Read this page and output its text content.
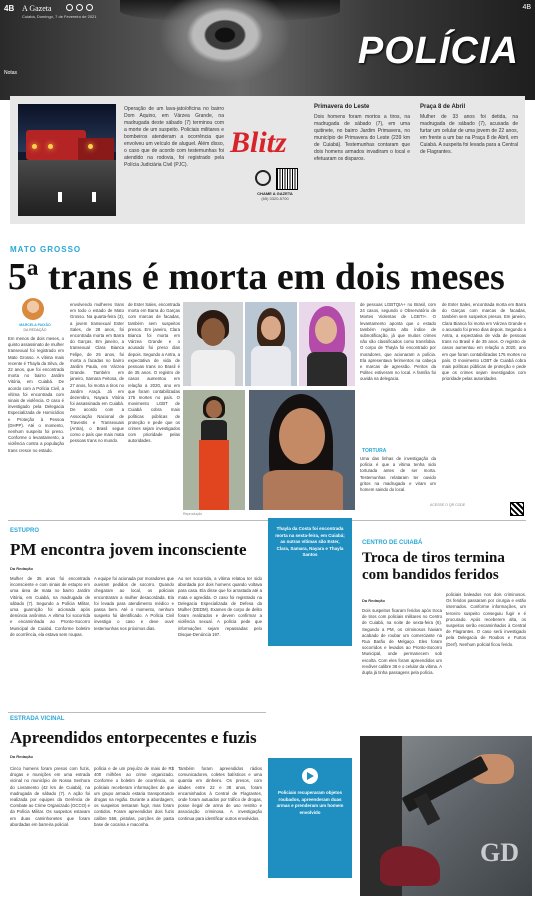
4B A Gazeta
Cuiabá, Domingo, 7 de Fevereiro de 2021
4B
POLÍCIA
Notas
Operação de um lava-jato/oficina no bairro Dom Aquino, em Várzea Grande, na madrugada deste sábado (7) terminou com a morte de um suspeito. Policiais militares e bombeiros atenderam a ocorrência que envolveu um veículo de aluguel. Além disso, o caso que de acordo com testemunhas foi atendido na rodovia, foi registrado pela Polícia Judiciária Civil (PJC).
Blitz
CHAME A GAZETA
(65) 3320-5700
Primavera do Leste
Dois homens foram mortos a tiros, na madrugada de sábado (7), em uma quitinete, no bairro Jardim Primavera, no município de Primavera do Leste (239 km de Cuiabá). Testemunhas contaram que dois homens armados invadiram o local e efetuaram os disparos.
Praça 8 de Abril
Mulher de 33 anos foi detida, na madrugada de sábado (7), acusada de furtar um celular de uma jovem de 22 anos, em frente a um bar na Praça 8 de Abril, em Cuiabá. A suspeita foi levada para a Central de Flagrantes.
MATO GROSSO
5ª trans é morta em dois meses
MARCELA PAIXÃO
DA REDAÇÃO
Em menos de dois meses, o quinto assassinato de mulher transexual foi registrado em Mato Grosso. A vítima mais recente é Thayla da Silva, de 22 anos, que foi encontrada morta no bairro Jardim Vitória, em Cuiabá. De acordo com a Polícia Civil, a vítima foi encontrada com sinais de violência. O caso é investigado pela Delegacia Especializada de Homicídios e Proteção à Pessoa (DHPP). Até o momento, nenhum suspeito foi preso. Conforme o levantamento, a violência contra a população trans cresce no estado.
envolvendo mulheres trans em todo o estado de Mato Grosso. Na quarta-feira (3), a jovem transexual Ester Sales, de 28 anos, foi encontrada morta em Barra do Garças. Em janeiro, a transexual Clara Bianca Felipe, de 25 anos, foi morta a facadas no bairro Jardim Paula, em Várzea Grande. Também em janeiro, Samara Feitosa, de 27 anos, foi morta a tiros no Jardim Araçá. Já em dezembro, Nayara Vitória foi assassinada em Cuiabá. De acordo com a Associação Nacional de Travestis e Transexuais (Antra), o Brasil segue como o país que mais mata pessoas trans no mundo.
de Ester Sales, encontrada morta em Barra do Garças com marcas de facadas, também sem suspeitos presos. Em janeiro, Clara Bianca foi morta em Várzea Grande e o acusado foi preso dias depois. Segundo a Antra, a expectativa de vida de pessoas trans no Brasil é de 35 anos. O registro de casos aumentou em relação a 2020, ano em que foram contabilizadas 175 mortes no país. O movimento LGBT de Cuiabá cobra mais políticas públicas de proteção e pede que os crimes sejam investigados com prioridade pelas autoridades.
Reprodução
de pessoas LGBTQIA+ no Brasil, com 24 casos, segundo o Observatório de Mortes Violentas de LGBTI+. O levantamento aponta que o estado também registra alto índice de subnotificação, já que muitos crimes não são classificados como transfobia. O corpo de Thayla foi encontrado por moradores, que acionaram a polícia. Ela apresentava ferimentos na cabeça e marcas de agressão. Peritos da Politec estiveram no local. A família foi ouvida na delegacia.
TORTURA
Uma das linhas de investigação da polícia é que a vítima tenha sido torturada antes de ser morta. Testemunhas relataram ter ouvido gritos na madrugada e viram um homem saindo do local.
de Ester Sales, encontrada morta em Barra do Garças com marcas de facadas, também sem suspeitos presos. Em janeiro, Clara Bianca foi morta em Várzea Grande e o acusado foi preso dias depois. Segundo a Antra, a expectativa de vida de pessoas trans no Brasil é de 35 anos. O registro de casos aumentou em relação a 2020, ano em que foram contabilizadas 175 mortes no país. O movimento LGBT de Cuiabá cobra mais políticas públicas de proteção e pede que os crimes sejam investigados com prioridade pelas autoridades.
ACESSE O QR CODE
ESTUPRO
PM encontra jovem inconsciente
Da Redação
Mulher de 35 anos foi encontrada inconsciente e com sinais de estupro em uma área de mata no bairro Jardim Vitória, em Cuiabá, na madrugada de sábado (7). Segundo a Polícia Militar, uma guarnição foi acionada após denúncia anônima. A vítima foi socorrida e encaminhada ao Pronto-Socorro Municipal de Cuiabá. Conforme boletim de ocorrência, ela estava sem roupas.
A equipe foi acionada por moradores que ouviram pedidos de socorro. Quando chegaram ao local, os policiais encontraram a mulher desacordada. Ela foi levada para atendimento médico e passa bem. Até o momento, nenhum suspeito foi identificado. A Polícia Civil investiga o caso e deve ouvir testemunhas nos próximos dias.
Ao ser socorrida, a vítima relatou ter sido abordada por dois homens quando voltava para casa. Ela disse que foi arrastada até a mata e agredida. O caso foi registrado na Delegacia Especializada de Defesa da Mulher (DEDM). Exames de corpo de delito foram realizados e devem confirmar a violência sexual. A polícia pede que informações sejam repassadas pelo Disque-Denúncia 197.
Thayla da Costa foi encontrada morta na sexta-feira, em Cuiabá; as outras vítimas são Ester, Clara, Samara, Nayara e Thayla Santos
CENTRO DE CUIABÁ
Troca de tiros termina com bandidos feridos
Da Redação
Dois suspeitos ficaram feridos após troca de tiros com policiais militares no Centro de Cuiabá, na noite de sexta-feira (6). Segundo a PM, os criminosos haviam acabado de roubar um comerciante na Rua Barão de Melgaço. Eles foram socorridos e levados ao Pronto-Socorro Municipal, onde permanecem sob escolta. Com eles foram apreendidos um revólver calibre 38 e o celular da vítima. A dupla já tinha passagens pela polícia.
policiais baleados nos dois criminosos. Os feridos passaram por cirurgia e estão internados. Conforme informações, um terceiro suspeito conseguiu fugir e é procurado. Após receberem alta, os suspeitos serão encaminhados à Central de Flagrantes. O caso será investigado pela Delegacia de Roubos e Furtos (Derf). Nenhum policial ficou ferido.
ESTRADA VICINAL
Apreendidos entorpecentes e fuzis
Da Redação
Cinco homens foram presos com fuzis, drogas e munições em uma estrada vicinal no município de Nossa Senhora do Livramento (42 km de Cuiabá), na madrugada de sábado (7). A ação foi realizada por equipes da Gerência de Combate ao Crime Organizado (GCCO) e da Polícia Militar. Os suspeitos estavam em duas caminhonetes que foram abordadas em barreira policial.
polícia e de um prejuízo de mais de R$ 400 milhões ao crime organizado. Conforme o boletim de ocorrência, os policiais receberam informações de que um grupo armado estaria transportando drogas na região. Durante a abordagem, os suspeitos tentaram fugir, mas foram contidos. Foram apreendidos dois fuzis calibre 556, pistolas, porções de pasta base de cocaína e maconha.
Também foram apreendidos rádios comunicadores, coletes balísticos e uma quantia em dinheiro. Os presos, com idades entre 22 e 38 anos, foram encaminhados à Central de Flagrantes, onde foram autuados por tráfico de drogas, posse ilegal de arma de uso restrito e associação criminosa. A investigação continua para identificar outros envolvidos.
Policiais recuperaram objetos roubados, apreenderam duas armas e prenderam um homem envolvido
GD
